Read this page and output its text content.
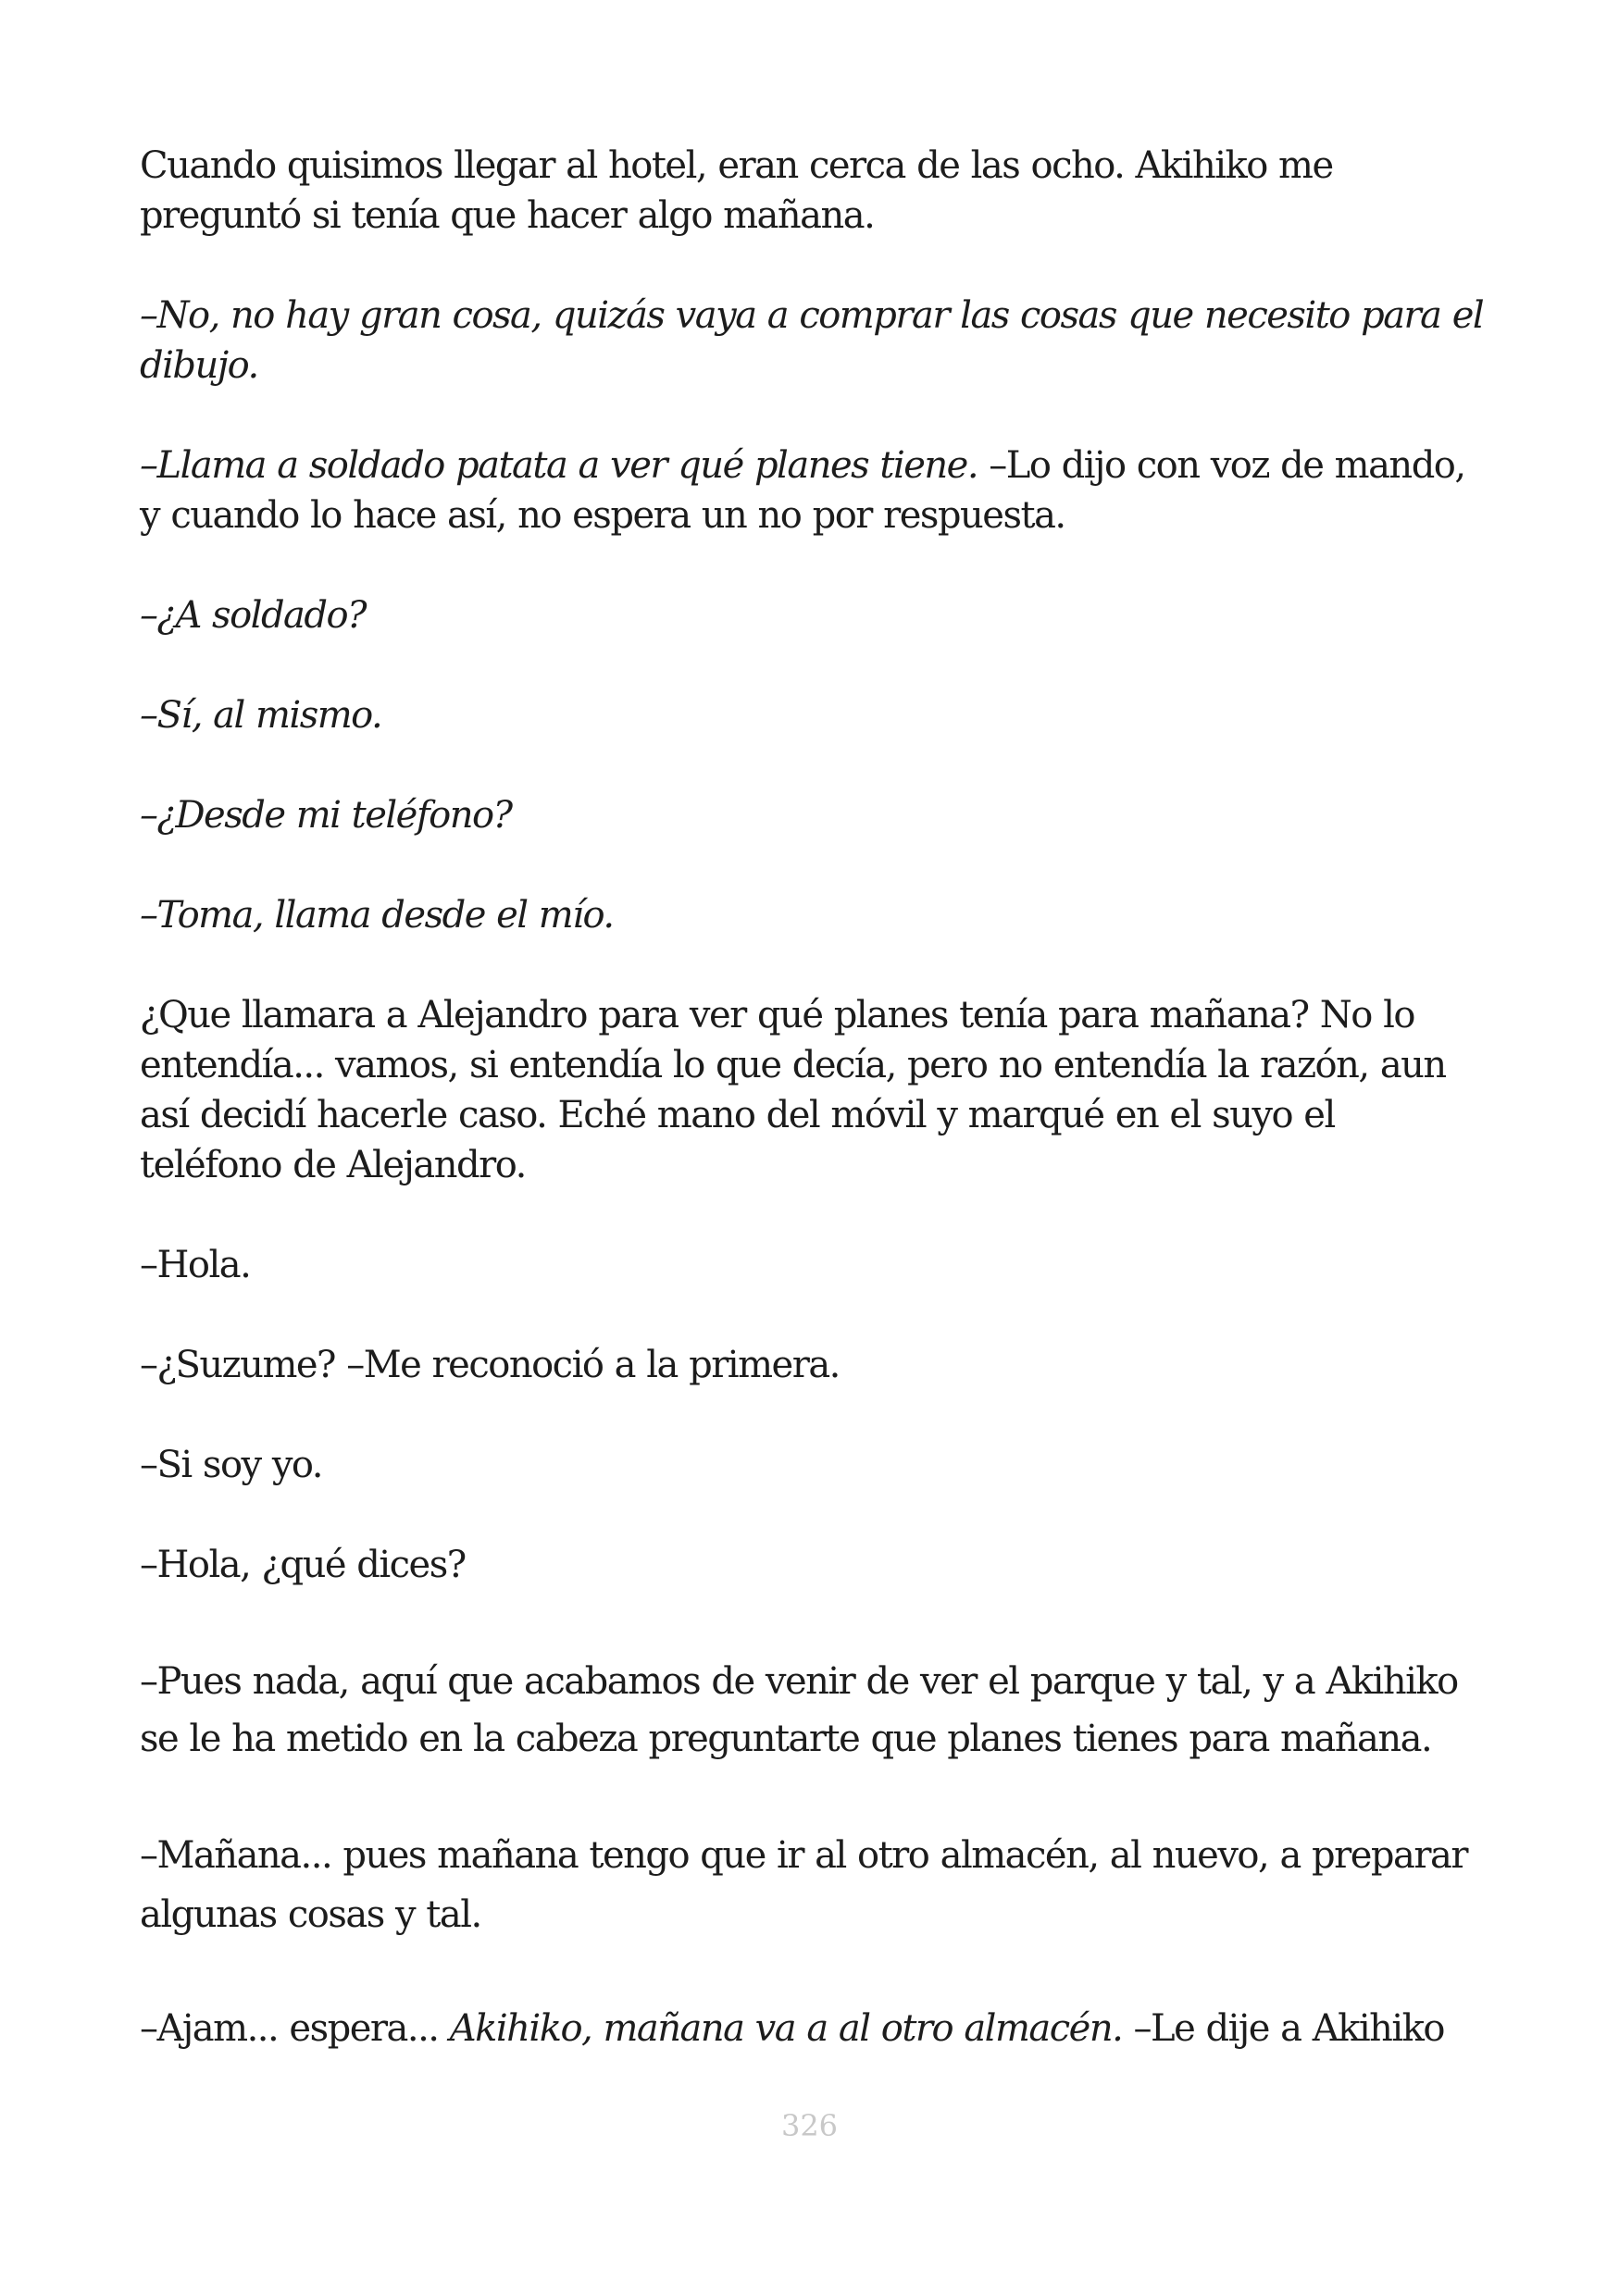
Cuando quisimos llegar al hotel, eran cerca de las ocho. Akihiko me
preguntó si tenía que hacer algo mañana.

–No, no hay gran cosa, quizás vaya a comprar las cosas que necesito para el
dibujo.

–Llama a soldado patata a ver qué planes tiene. –Lo dijo con voz de mando,
y cuando lo hace así, no espera un no por respuesta.

–¿A soldado?

–Sí, al mismo.

–¿Desde mi teléfono?

–Toma, llama desde el mío.

¿Que llamara a Alejandro para ver qué planes tenía para mañana? No lo
entendía... vamos, si entendía lo que decía, pero no entendía la razón, aun
así decidí hacerle caso. Eché mano del móvil y marqué en el suyo el
teléfono de Alejandro.

–Hola.

–¿Suzume? –Me reconoció a la primera.

–Si soy yo.

–Hola, ¿qué dices?

–Pues nada, aquí que acabamos de venir de ver el parque y tal, y a Akihiko
se le ha metido en la cabeza preguntarte que planes tienes para mañana.

–Mañana... pues mañana tengo que ir al otro almacén, al nuevo, a preparar
algunas cosas y tal.

–Ajam... espera... Akihiko, mañana va a al otro almacén. –Le dije a Akihiko

326
